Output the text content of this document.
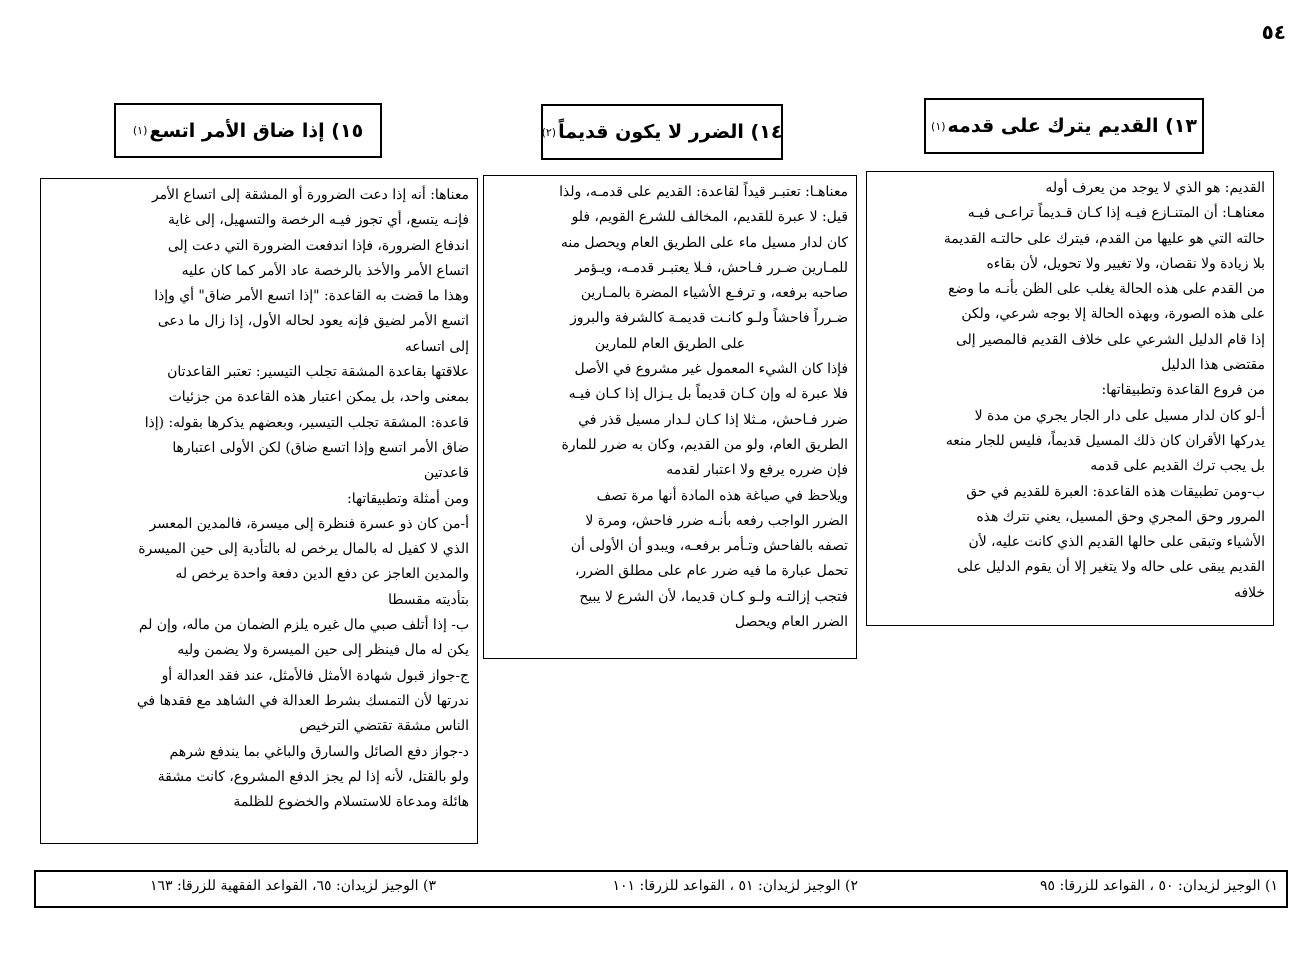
٥٤
١٣) القديم يترك على قدمه
(١)
١٤) الضرر لا يكون قديماً
(٢)
١٥) إذا ضاق الأمر اتسع
(١)

القديم: هو الذي لا يوجد من يعرف أوله

معناهـا: أن المتنـازع فيـه إذا كـان قـديماً تراعـى فيـه

حالته التي هو عليها من القدم، فيترك على حالتـه القديمة

بلا زيادة ولا نقصان، ولا تغيير ولا تحويل، لأن بقاءه

من القدم على هذه الحالة يغلب على الظن بأنـه ما وضع

على هذه الصورة، وبهذه الحالة إلا بوجه شرعي، ولكن

إذا قام الدليل الشرعي على خلاف القديم فالمصير إلى

مقتضى هذا الدليل

من فروع القاعدة وتطبيقاتها:

أ-لو كان لدار مسيل على دار الجار يجري من مدة لا

يدركها الأقران كان ذلك المسيل قديماً، فليس للجار منعه

بل يجب ترك القديم على قدمه

ب-ومن تطبيقات هذه القاعدة: العبرة للقديم في حق

المرور وحق المجري وحق المسيل، يعني نترك هذه

الأشياء وتبقى على حالها القديم الذي كانت عليه، لأن

القديم يبقى على حاله ولا يتغير إلا أن يقوم الدليل على

خلافه

معناهـا: تعتبـر قيداً لقاعدة: القديم على قدمـه، ولذا

قيل: لا عبرة للقديم، المخالف للشرع القويم، فلو

كان لدار مسيل ماء على الطريق العام ويحصل منه

للمـارين ضـرر فـاحش، فـلا يعتبـر قدمـه، ويـؤمر

صاحبه برفعه، و ترفـع الأشياء المضرة بالمـارين

ضـرراً فاحشاً ولـو كانـت قديمـة كالشرفة والبروز

على الطريق العام للمارين

فإذا كان الشيء المعمول غير مشروع في الأصل

فلا عبرة له وإن كـان قديماً بل يـزال إذا كـان فيـه

ضرر فـاحش، مـثلا إذا كـان لـدار مسيل قذر في

الطريق العام، ولو من القديم، وكان به ضرر للمارة

فإن ضرره يرفع ولا اعتبار لقدمه

ويلاحظ في صياغة هذه المادة أنها مرة تصف

الضرر الواجب رفعه بأنـه ضرر فاحش، ومرة لا

تصفه بالفاحش وتـأمر برفعـه، ويبدو أن الأولى أن

تحمل عبارة ما فيه ضرر عام على مطلق الضرر،

فتجب إزالتـه ولـو كـان قديما، لأن الشرع لا يبيح

الضرر العام ويحصل

معناها: أنه إذا دعت الضرورة أو المشقة إلى اتساع الأمر

فإنـه يتسع، أي تجوز فيـه الرخصة والتسهيل، إلى غاية

اندفاع الضرورة، فإذا اندفعت الضرورة التي دعت إلى

اتساع الأمر والأخذ بالرخصة عاد الأمر كما كان عليه

وهذا ما قضت به القاعدة: "إذا اتسع الأمر ضاق" أي وإذا

اتسع الأمر لضيق فإنه يعود لحاله الأول، إذا زال ما دعى

إلى اتساعه

علاقتها بقاعدة المشقة تجلب التيسير: تعتبر القاعدتان

بمعنى واحد، بل يمكن اعتبار هذه القاعدة من جزئيات

قاعدة: المشقة تجلب التيسير، وبعضهم يذكرها بقوله: (إذا

ضاق الأمر اتسع وإذا اتسع ضاق) لكن الأولى اعتبارها

قاعدتين

ومن أمثلة وتطبيقاتها:

أ-من كان ذو عسرة فنظرة إلى ميسرة، فالمدين المعسر

الذي لا كفيل له بالمال يرخص له بالتأدية إلى حين الميسرة

والمدين العاجز عن دفع الدين دفعة واحدة يرخص له

بتأديته مقسطا

ب- إذا أتلف صبي مال غيره يلزم الضمان من ماله، وإن لم

يكن له مال فينظر إلى حين الميسرة ولا يضمن وليه

ج-جواز قبول شهادة الأمثل فالأمثل، عند فقد العدالة أو

ندرتها لأن التمسك بشرط العدالة في الشاهد مع فقدها في

الناس مشقة تقتضي الترخيص

د-جواز دفع الصائل والسارق والباغي بما يندفع شرهم

ولو بالقتل، لأنه إذا لم يجز الدفع المشروع، كانت مشقة

هائلة ومدعاة للاستسلام والخضوع للظلمة

١) الوجيز لزيدان: ٥٠ ، القواعد للزرقا: ٩٥
٢) الوجيز لزيدان: ٥١ ، القواعد للزرقا: ١٠١
٣) الوجيز لزيدان: ٦٥، القواعد الفقهية للزرقا: ١٦٣
